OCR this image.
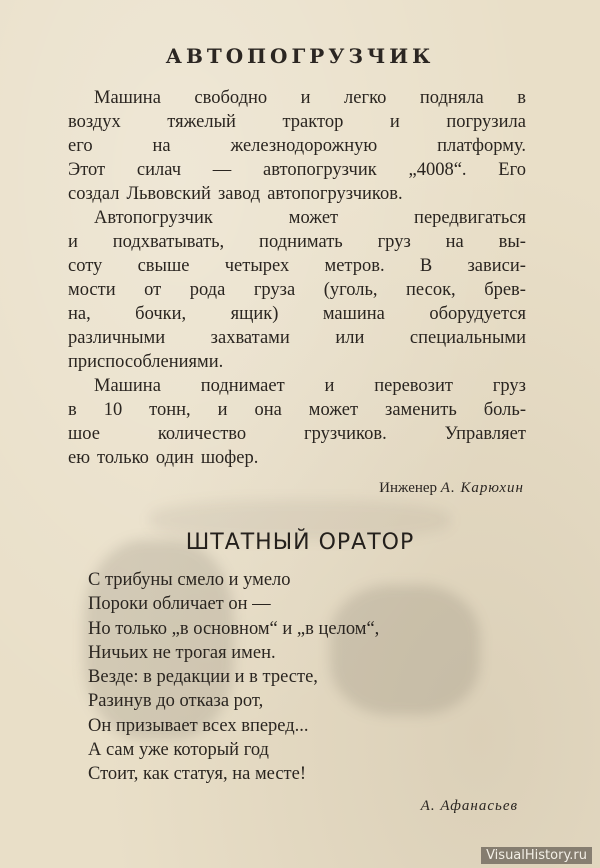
АВТОПОГРУЗЧИК
Машина свободно и легко подняла в
воздух	тяжелый	трактор	и	погрузила
его	на	железнодорожную	платформу.
Этот силач — автопогрузчик „4008“. Его
создал Львовский завод автопогрузчиков.
Автопогрузчик	может	передвигаться
и подхватывать, поднимать груз на вы-
соту свыше четырех метров. В зависи-
мости от рода груза (уголь, песок, брев-
на, бочки, ящик) машина оборудуется
различными захватами или специальными
приспособлениями.
Машина поднимает и перевозит груз
в 10 тонн, и она может заменить боль-
шое	количество	грузчиков.	Управляет
ею только один шофер.
Инженер А. Карюхин
ШТАТНЫЙ ОРАТОР
С трибуны смело и умело
Пороки обличает он —
Но только „в основном“ и „в целом“,
Ничьих не трогая имен.
Везде: в редакции и в тресте,
Разинув до отказа рот,
Он призывает всех вперед...
А сам уже который год
Стоит, как статуя, на месте!
А. Афанасьев
VisualHistory.ru
